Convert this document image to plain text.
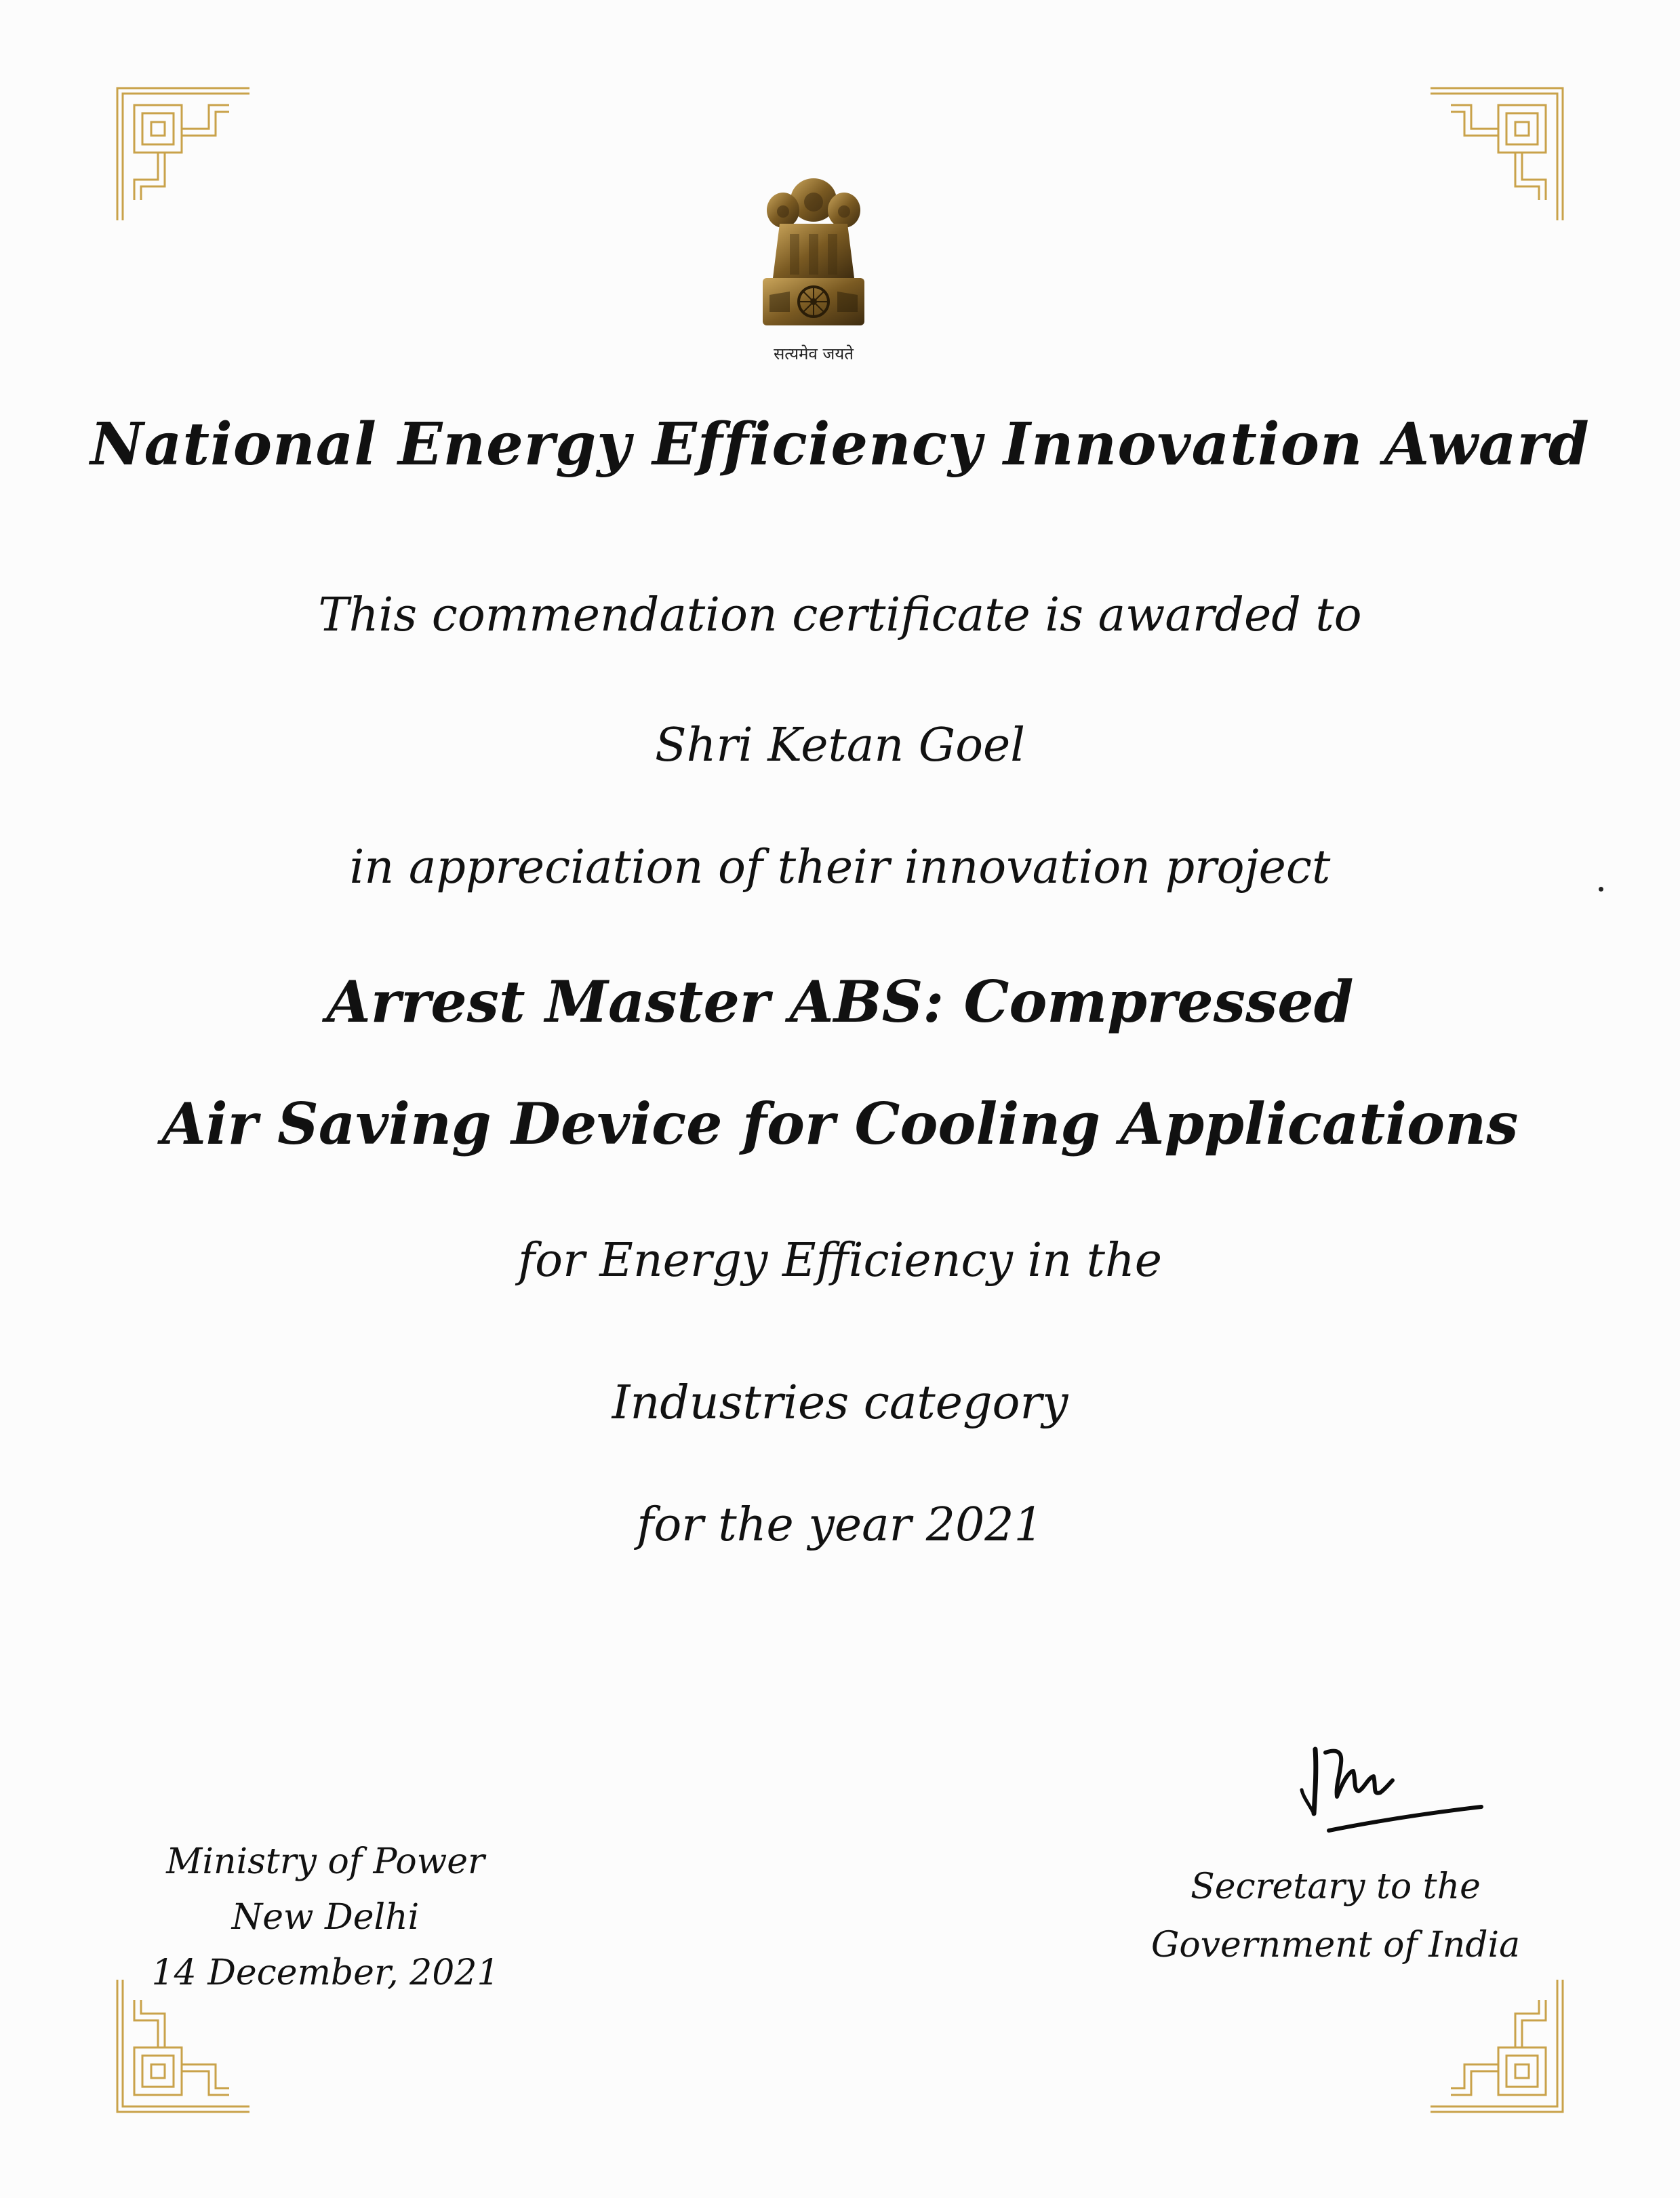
सत्यमेव जयते
National Energy Efficiency Innovation Award
This commendation certificate is awarded to
Shri Ketan Goel
in appreciation of their innovation project
Arrest Master ABS: Compressed
Air Saving Device for Cooling Applications
for Energy Efficiency in the
Industries category
for the year 2021
Ministry of Power
New Delhi
14 December, 2021
Secretary to the
Government of India
